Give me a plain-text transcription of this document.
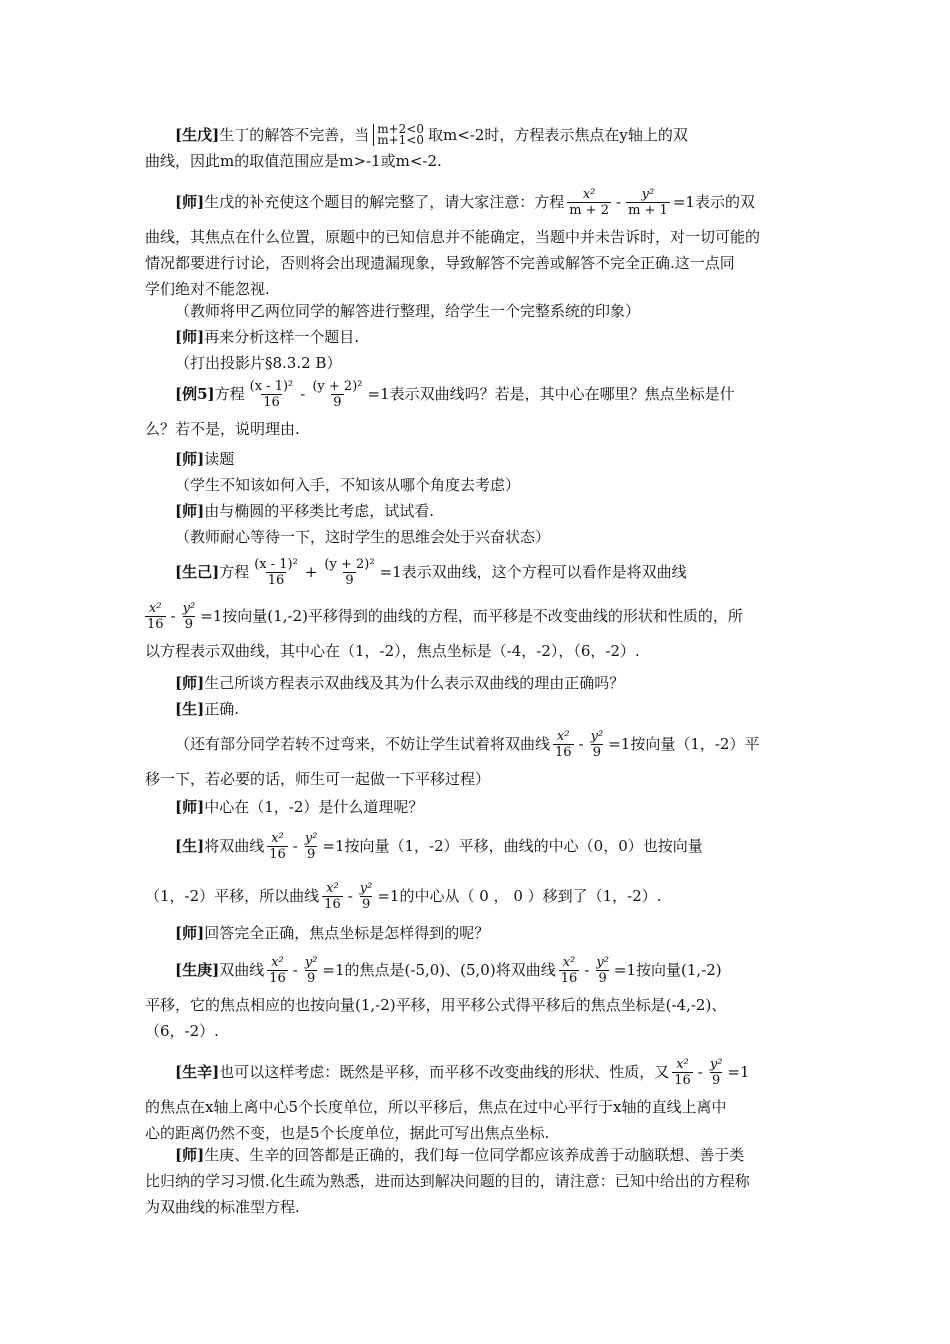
[生戊] 生丁的解答不完善，当 m+2<0
m+1<0 取m<-2时，方程表示焦点在y轴上的双
曲线，因此m的取值范围应是m>-1或m<-2.
[师] 生戊的补充使这个题目的解完整了，请大家注意：方程 $\frac{\text{x²}}{m + 2} - \frac{\text{y²}}{m + 1} =1$表示的双
曲线，其焦点在什么位置，原题中的已知信息并不能确定，当题中并未告诉时，对一切可能的
情况都要进行讨论，否则将会出现遗漏现象，导致解答不完善或解答不完全正确.这一点同
学们绝对不能忽视.
（教师将甲乙两位同学的解答进行整理，给学生一个完整系统的印象）
[师] 再来分析这样一个题目.
（打出投影片§8.3.2 B）
[例5] 方程 $\frac{\text{(x - 1)²}}{16} - \frac{\text{(y + 2)²}}{9} =1$表示双曲线吗？若是，其中心在哪里？焦点坐标是什
么？若不是，说明理由.
[师] 读题
（学生不知该如何入手，不知该从哪个角度去考虑）
[师] 由与椭圆的平移类比考虑，试试看.
（教师耐心等待一下，这时学生的思维会处于兴奋状态）
[生己] 方程 $\frac{\text{(x - 1)²}}{16} + \frac{\text{(y + 2)²}}{9} =1$表示双曲线，这个方程可以看作是将双曲线
$\frac{\text{x²}}{16} - \frac{\text{y²}}{9} =1$按向量(1,-2)平移得到的曲线的方程，而平移是不改变曲线的形状和性质的，所
以方程表示双曲线，其中心在（1，-2），焦点坐标是（-4，-2），（6，-2）.
[师] 生己所谈方程表示双曲线及其为什么表示双曲线的理由正确吗？
[生] 正确.
（还有部分同学若转不过弯来，不妨让学生试着将双曲线 $\frac{\text{x²}}{16} - \frac{\text{y²}}{9} =1$按向量（1，-2）平
移一下，若必要的话，师生可一起做一下平移过程）
[师] 中心在（1，-2）是什么道理呢？
[生] 将双曲线 $\frac{\text{x²}}{16} - \frac{\text{y²}}{9} =1$按向量（1，-2）平移，曲线的中心（0，0）也按向量
（1，-2）平移，所以曲线 $\frac{\text{x²}}{16} - \frac{\text{y²}}{9} =1$的中心从（ 0 ， 0 ）移到了（1，-2）.
[师] 回答完全正确，焦点坐标是怎样得到的呢？
[生庚] 双曲线 $\frac{\text{x²}}{16} - \frac{\text{y²}}{9} =1$的焦点是(-5,0)、(5,0)将双曲线 $\frac{\text{x²}}{16} - \frac{\text{y²}}{9} =1$按向量(1,-2)
平移，它的焦点相应的也按向量(1,-2)平移，用平移公式得平移后的焦点坐标是(-4,-2)、
（6，-2）.
[生辛] 也可以这样考虑：既然是平移，而平移不改变曲线的形状、性质，又 $\frac{\text{x²}}{16} - \frac{\text{y²}}{9} =1$
的焦点在x轴上离中心5个长度单位，所以平移后，焦点在过中心平行于x轴的直线上离中
心的距离仍然不变，也是5个长度单位，据此可写出焦点坐标.
[师] 生庚、生辛的回答都是正确的，我们每一位同学都应该养成善于动脑联想、善于类
比归纳的学习习惯.化生疏为熟悉，进而达到解决问题的目的，请注意：已知中给出的方程称
为双曲线的标准型方程.
